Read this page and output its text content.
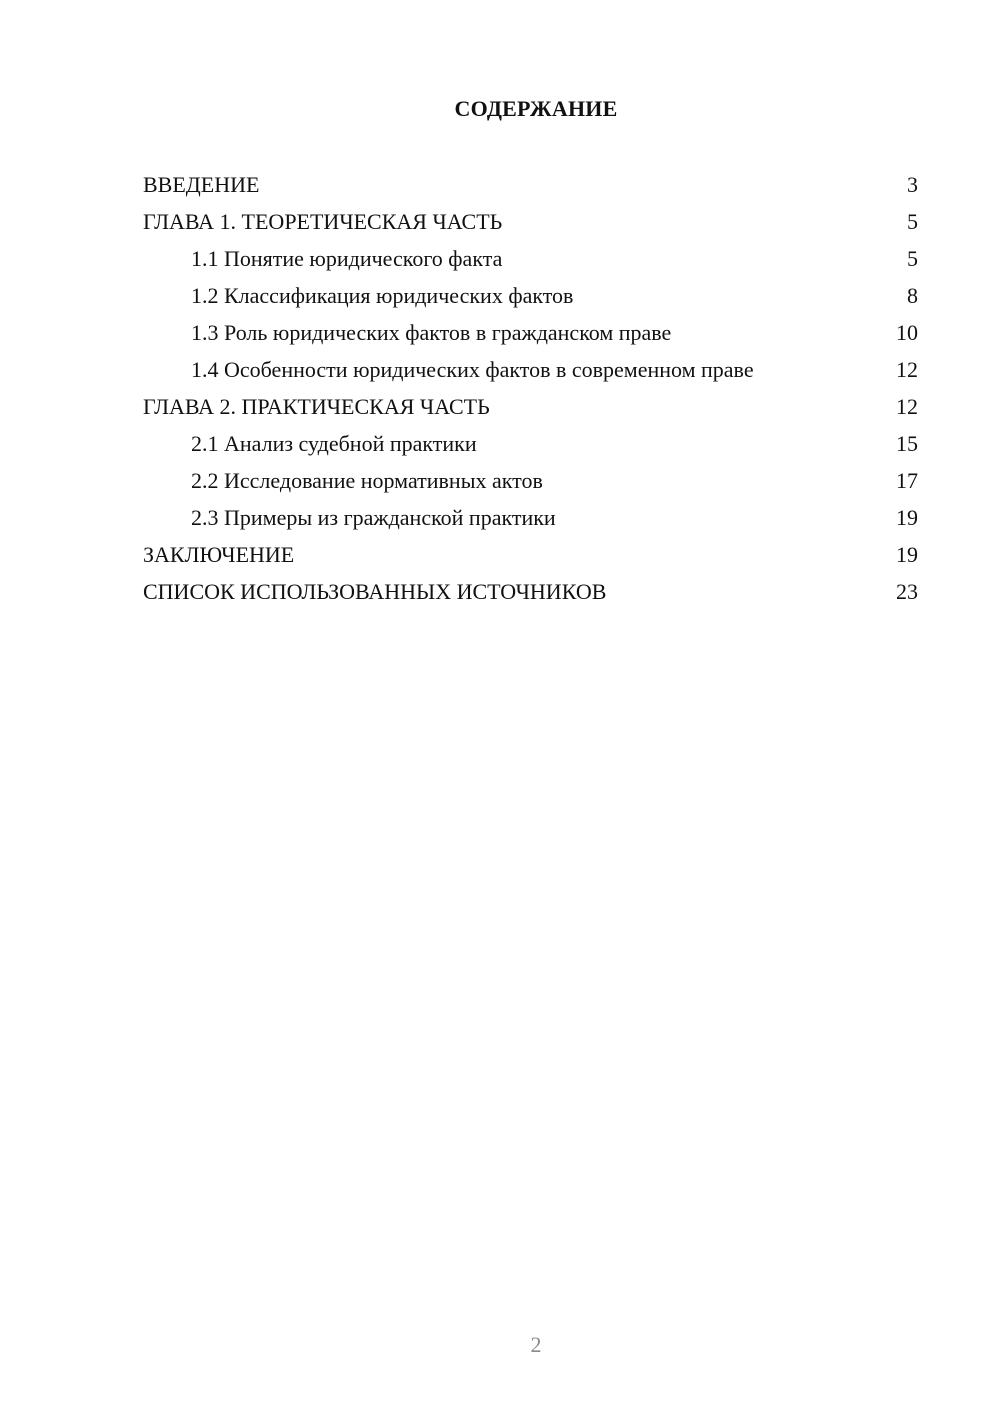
СОДЕРЖАНИЕ
ВВЕДЕНИЕ	3
ГЛАВА 1. ТЕОРЕТИЧЕСКАЯ ЧАСТЬ	5
1.1 Понятие юридического факта	5
1.2 Классификация юридических фактов	8
1.3 Роль юридических фактов в гражданском праве	10
1.4 Особенности юридических фактов в современном праве	12
ГЛАВА 2. ПРАКТИЧЕСКАЯ ЧАСТЬ	12
2.1 Анализ судебной практики	15
2.2 Исследование нормативных актов	17
2.3 Примеры из гражданской практики	19
ЗАКЛЮЧЕНИЕ	19
СПИСОК ИСПОЛЬЗОВАННЫХ ИСТОЧНИКОВ	23
2
